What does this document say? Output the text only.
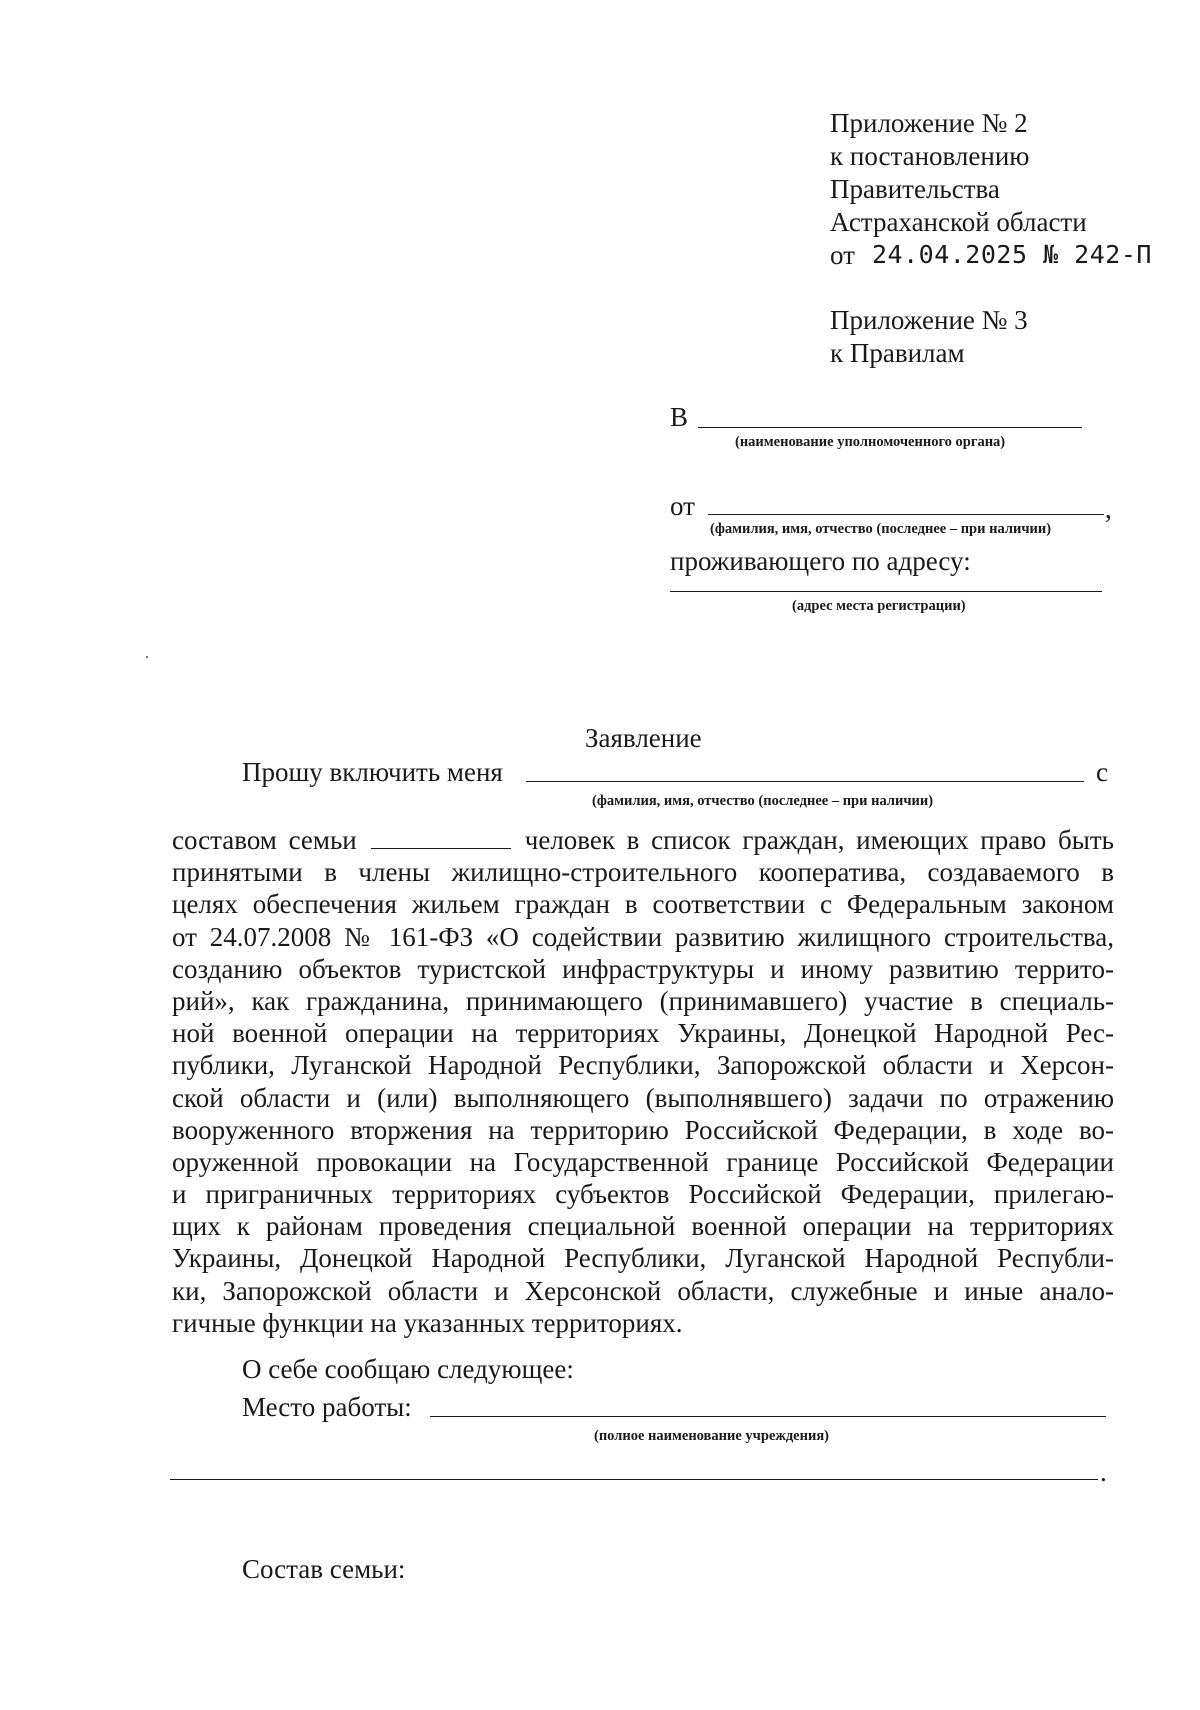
Приложение № 2
к постановлению
Правительства
Астраханской области
от 24.04.2025 № 242-П
Приложение № 3
к Правилам
В
(наименование уполномоченного органа)
от	,
(фамилия, имя, отчество (последнее – при наличии)
проживающего по адресу:
(адрес места регистрации)
Заявление
Прошу включить меня	с
(фамилия, имя, отчество (последнее – при наличии)
составом семьи	человек в список граждан, имеющих право быть
принятыми в члены жилищно-строительного кооператива, создаваемого в
целях обеспечения жильем граждан в соответствии с Федеральным законом
от 24.07.2008 № 161-ФЗ «О содействии развитию жилищного строительства,
созданию объектов туристской инфраструктуры и иному развитию террито-
рий», как гражданина, принимающего (принимавшего) участие в специаль-
ной военной операции на территориях Украины, Донецкой Народной Рес-
публики, Луганской Народной Республики, Запорожской области и Херсон-
ской области и (или) выполняющего (выполнявшего) задачи по отражению
вооруженного вторжения на территорию Российской Федерации, в ходе во-
оруженной провокации на Государственной границе Российской Федерации
и приграничных территориях субъектов Российской Федерации, прилегаю-
щих к районам проведения специальной военной операции на территориях
Украины, Донецкой Народной Республики, Луганской Народной Республи-
ки, Запорожской области и Херсонской области, служебные и иные анало-
гичные функции на указанных территориях.
О себе сообщаю следующее:
Место работы:
(полное наименование учреждения)
.
Состав семьи:
